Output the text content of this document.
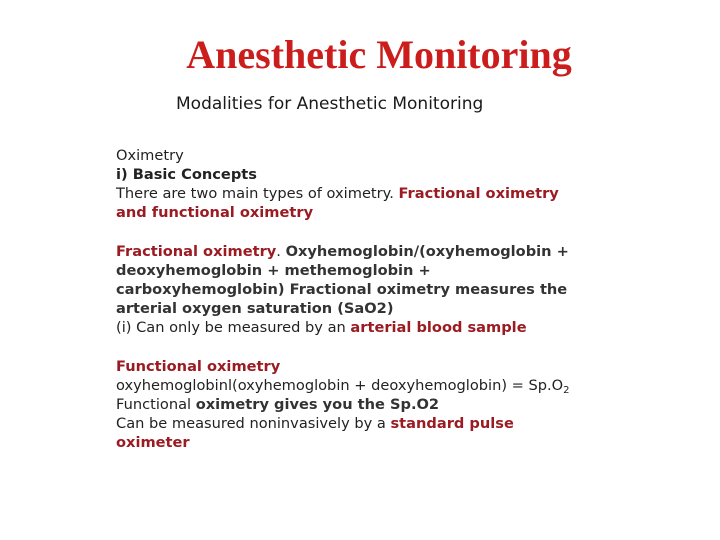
Anesthetic Monitoring

Modalities for Anesthetic Monitoring

Oximetry

i) Basic Concepts

There are two main types of oximetry. Fractional oximetry
and functional oximetry

Fractional oximetry. Oxyhemoglobin/(oxyhemoglobin +
deoxyhemoglobin + methemoglobin +
carboxyhemoglobin) Fractional oximetry measures the
arterial oxygen saturation (SaO2)
(i) Can only be measured by an arterial blood sample

Functional oximetry
oxyhemoglobinl(oxyhemoglobin + deoxyhemoglobin) = $Sp.O_2$
Functional oximetry gives you the Sp.O2
Can be measured noninvasively by a standard pulse
oximeter
